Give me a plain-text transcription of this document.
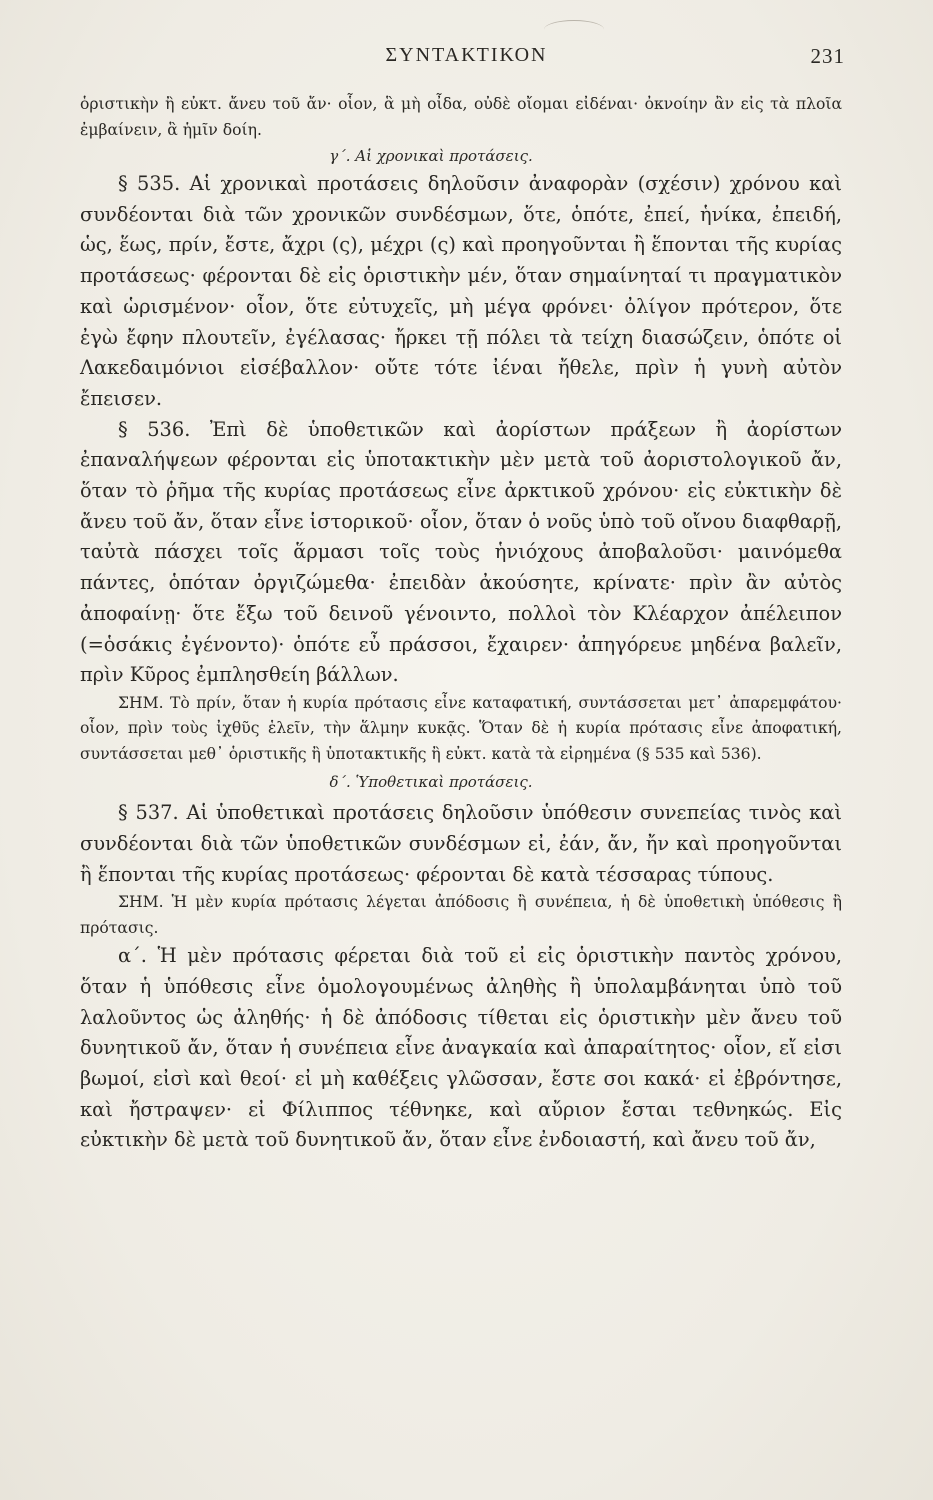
ΣΥΝΤΑΚΤΙΚΟΝ	231

ὁριστικὴν ἢ εὐκτ. ἄνευ τοῦ ἄν· οἷον, ἃ μὴ οἶδα, οὐδὲ οἴομαι εἰδέναι· ὀκνοίην ἂν εἰς τὰ πλοῖα ἐμβαίνειν, ἃ ἡμῖν δοίη.

γ΄. Αἱ χρονικαὶ προτάσεις.

§ 535. Αἱ χρονικαὶ προτάσεις δηλοῦσιν ἀναφορὰν (σχέσιν) χρόνου καὶ συνδέονται διὰ τῶν χρονικῶν συνδέσμων, ὅτε, ὁπότε, ἐπεί, ἡνίκα, ἐπειδή, ὡς, ἕως, πρίν, ἔστε, ἄχρι (ς), μέχρι (ς) καὶ προηγοῦνται ἢ ἕπονται τῆς κυρίας προτάσεως· φέρονται δὲ εἰς ὁριστικὴν μέν, ὅταν σημαίνηταί τι πραγματικὸν καὶ ὡρισμένον· οἷον, ὅτε εὐτυχεῖς, μὴ μέγα φρόνει· ὀλίγον πρότερον, ὅτε ἐγὼ ἔφην πλουτεῖν, ἐγέλασας· ἤρκει τῇ πόλει τὰ τείχη διασώζειν, ὁπότε οἱ Λακεδαιμόνιοι εἰσέβαλλον· οὔτε τότε ἰέναι ἤθελε, πρὶν ἡ γυνὴ αὐτὸν ἔπεισεν.

§ 536. Ἐπὶ δὲ ὑποθετικῶν καὶ ἀορίστων πράξεων ἢ ἀορίστων ἐπαναλήψεων φέρονται εἰς ὑποτακτικὴν μὲν μετὰ τοῦ ἀοριστολογικοῦ ἄν, ὅταν τὸ ῥῆμα τῆς κυρίας προτάσεως εἶνε ἀρκτικοῦ χρόνου· εἰς εὐκτικὴν δὲ ἄνευ τοῦ ἄν, ὅταν εἶνε ἱστορικοῦ· οἷον, ὅταν ὁ νοῦς ὑπὸ τοῦ οἴνου διαφθαρῇ, ταὐτὰ πάσχει τοῖς ἅρμασι τοῖς τοὺς ἡνιόχους ἀποβαλοῦσι· μαινόμεθα πάντες, ὁπόταν ὀργιζώμεθα· ἐπειδὰν ἀκούσητε, κρίνατε· πρὶν ἂν αὐτὸς ἀποφαίνῃ· ὅτε ἔξω τοῦ δεινοῦ γένοιντο, πολλοὶ τὸν Κλέαρχον ἀπέλειπον (=ὁσάκις ἐγένοντο)· ὁπότε εὖ πράσσοι, ἔχαιρεν· ἀπηγόρευε μηδένα βαλεῖν, πρὶν Κῦρος ἐμπλησθείη βάλλων.

ΣΗΜ. Τὸ πρίν, ὅταν ἡ κυρία πρότασις εἶνε καταφατική, συντάσσεται μετ᾽ ἀπαρεμφάτου· οἷον, πρὶν τοὺς ἰχθῦς ἑλεῖν, τὴν ἅλμην κυκᾷς. Ὅταν δὲ ἡ κυρία πρότασις εἶνε ἀποφατική, συντάσσεται μεθ᾽ ὁριστικῆς ἢ ὑποτακτικῆς ἢ εὐκτ. κατὰ τὰ εἰρημένα (§ 535 καὶ 536).

δ΄. Ὑποθετικαὶ προτάσεις.

§ 537. Αἱ ὑποθετικαὶ προτάσεις δηλοῦσιν ὑπόθεσιν συνεπείας τινὸς καὶ συνδέονται διὰ τῶν ὑποθετικῶν συνδέσμων εἰ, ἐάν, ἄν, ἤν καὶ προηγοῦνται ἢ ἕπονται τῆς κυρίας προτάσεως· φέρονται δὲ κατὰ τέσσαρας τύπους.

ΣΗΜ. Ἡ μὲν κυρία πρότασις λέγεται ἀπόδοσις ἢ συνέπεια, ἡ δὲ ὑποθετικὴ ὑπόθεσις ἢ πρότασις.

α΄. Ἡ μὲν πρότασις φέρεται διὰ τοῦ εἰ εἰς ὁριστικὴν παντὸς χρόνου, ὅταν ἡ ὑπόθεσις εἶνε ὁμολογουμένως ἀληθὴς ἢ ὑπολαμβάνηται ὑπὸ τοῦ λαλοῦντος ὡς ἀληθής· ἡ δὲ ἀπόδοσις τίθεται εἰς ὁριστικὴν μὲν ἄνευ τοῦ δυνητικοῦ ἄν, ὅταν ἡ συνέπεια εἶνε ἀναγκαία καὶ ἀπαραίτητος· οἷον, εἴ εἰσι βωμοί, εἰσὶ καὶ θεοί· εἰ μὴ καθέξεις γλῶσσαν, ἔστε σοι κακά· εἰ ἐβρόντησε, καὶ ἤστραψεν· εἰ Φίλιππος τέθνηκε, καὶ αὔριον ἔσται τεθνηκώς. Εἰς εὐκτικὴν δὲ μετὰ τοῦ δυνητικοῦ ἄν, ὅταν εἶνε ἐνδοιαστή, καὶ ἄνευ τοῦ ἄν,
